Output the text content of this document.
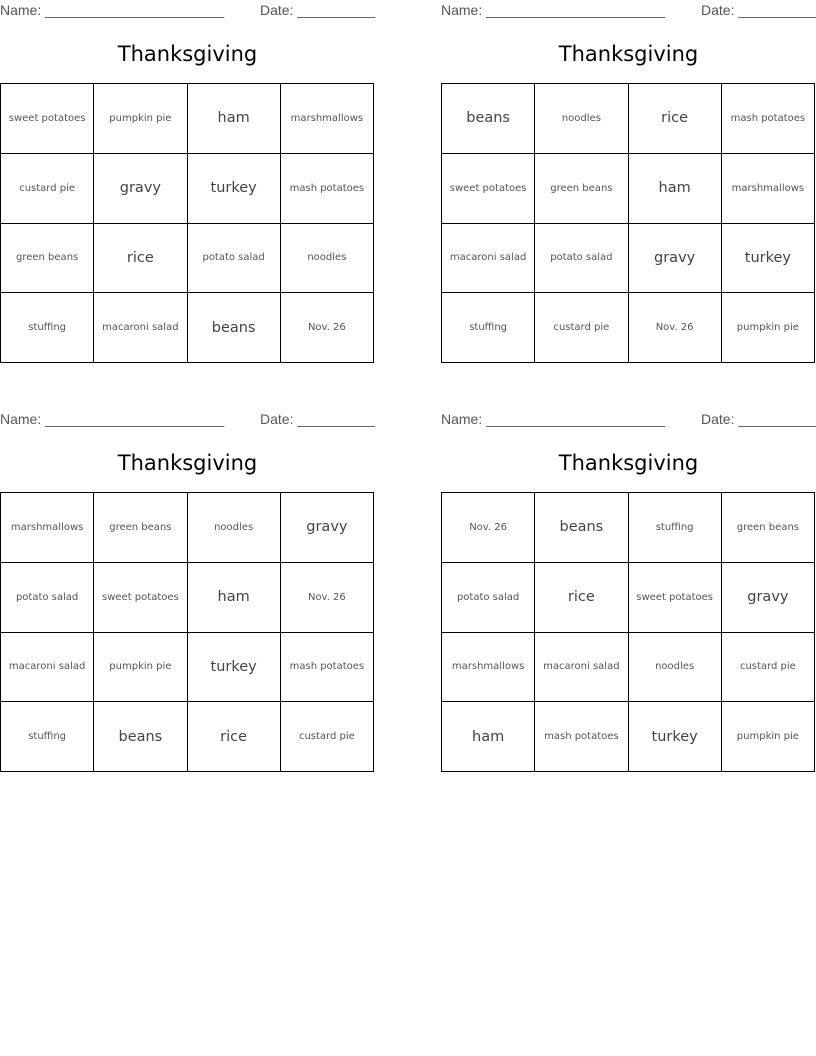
Name: _______________________	Date: __________
Thanksgiving
sweet potatoes	pumpkin pie	ham	marshmallows
custard pie	gravy	turkey	mash potatoes
green beans	rice	potato salad	noodles
stuffing	macaroni salad	beans	Nov. 26
Name: _______________________	Date: __________
Thanksgiving
beans	noodles	rice	mash potatoes
sweet potatoes	green beans	ham	marshmallows
macaroni salad	potato salad	gravy	turkey
stuffing	custard pie	Nov. 26	pumpkin pie
Name: _______________________	Date: __________
Thanksgiving
marshmallows	green beans	noodles	gravy
potato salad	sweet potatoes	ham	Nov. 26
macaroni salad	pumpkin pie	turkey	mash potatoes
stuffing	beans	rice	custard pie
Name: _______________________	Date: __________
Thanksgiving
Nov. 26	beans	stuffing	green beans
potato salad	rice	sweet potatoes	gravy
marshmallows	macaroni salad	noodles	custard pie
ham	mash potatoes	turkey	pumpkin pie
